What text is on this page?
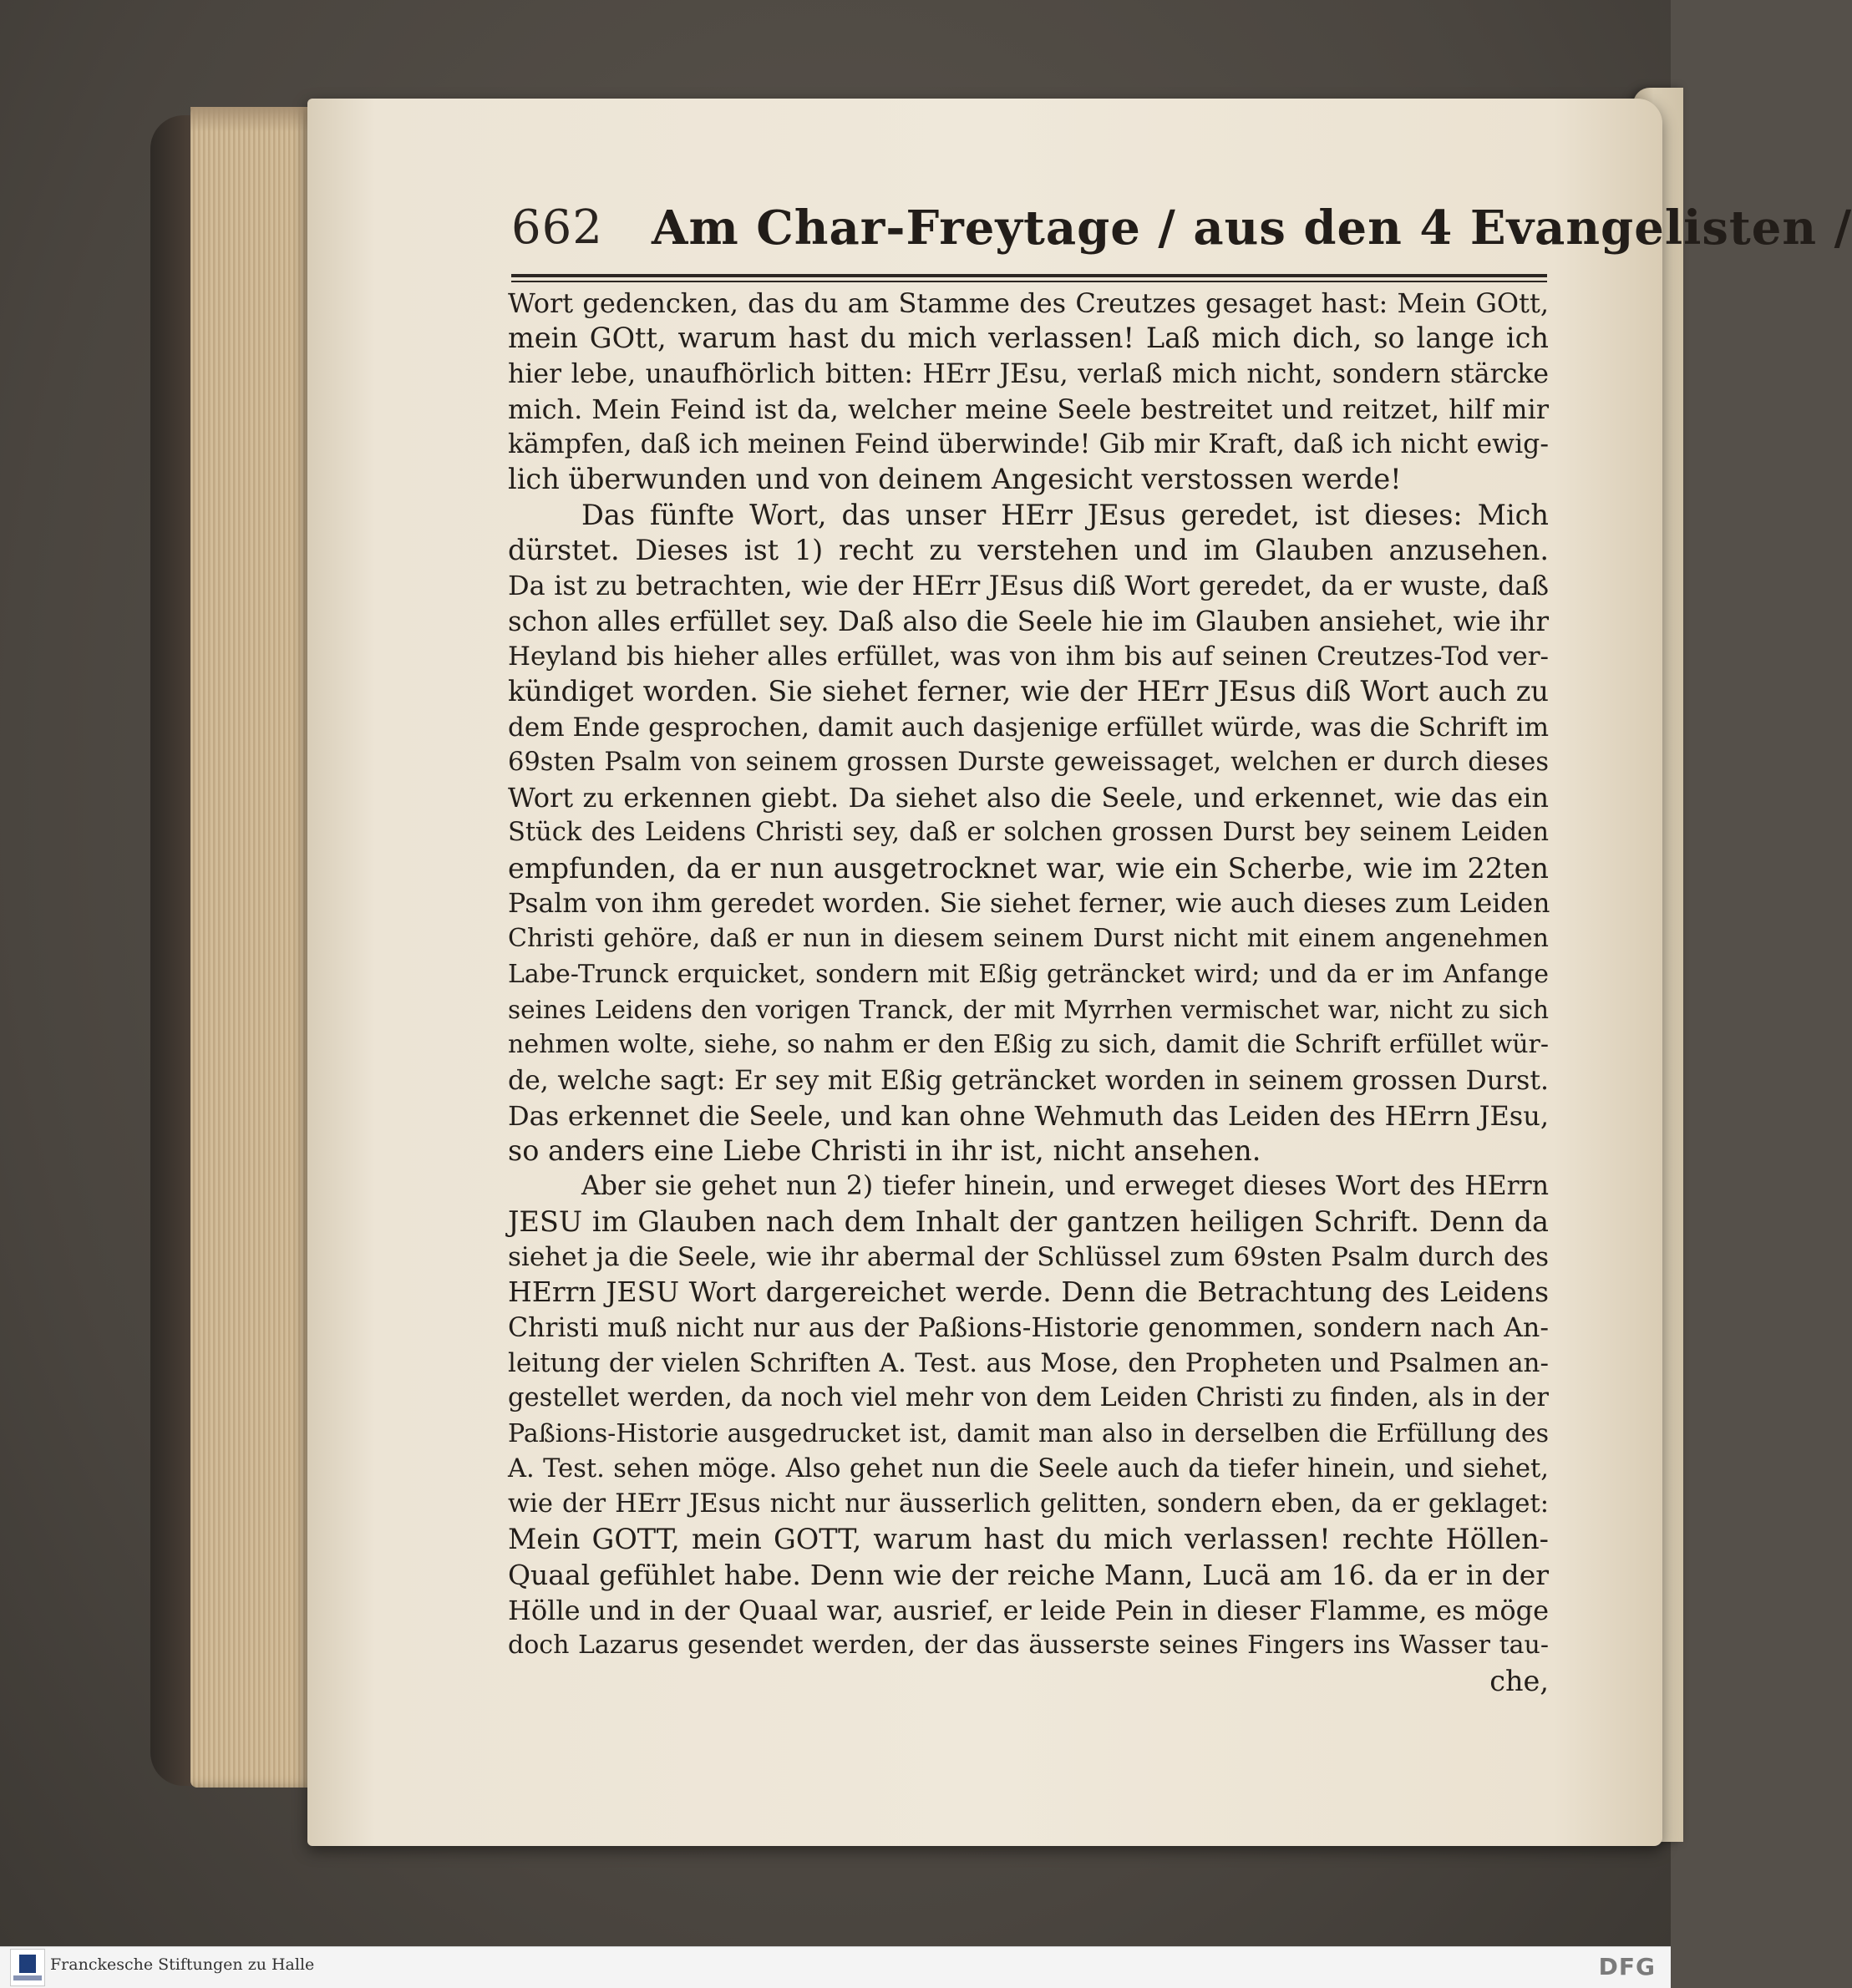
662 Am Char-Freytage / aus den 4 Evangelisten /
Wort gedencken, das du am Stamme des Creutzes gesaget hast: Mein GOtt,
mein GOtt, warum hast du mich verlassen! Laß mich dich, so lange ich
hier lebe, unaufhörlich bitten: HErr JEsu, verlaß mich nicht, sondern stärcke
mich. Mein Feind ist da, welcher meine Seele bestreitet und reitzet, hilf mir
kämpfen, daß ich meinen Feind überwinde! Gib mir Kraft, daß ich nicht ewig-
lich überwunden und von deinem Angesicht verstossen werde!
Das fünfte Wort, das unser HErr JEsus geredet, ist dieses: Mich
dürstet. Dieses ist 1) recht zu verstehen und im Glauben anzusehen.
Da ist zu betrachten, wie der HErr JEsus diß Wort geredet, da er wuste, daß
schon alles erfüllet sey. Daß also die Seele hie im Glauben ansiehet, wie ihr
Heyland bis hieher alles erfüllet, was von ihm bis auf seinen Creutzes-Tod ver-
kündiget worden. Sie siehet ferner, wie der HErr JEsus diß Wort auch zu
dem Ende gesprochen, damit auch dasjenige erfüllet würde, was die Schrift im
69sten Psalm von seinem grossen Durste geweissaget, welchen er durch dieses
Wort zu erkennen giebt. Da siehet also die Seele, und erkennet, wie das ein
Stück des Leidens Christi sey, daß er solchen grossen Durst bey seinem Leiden
empfunden, da er nun ausgetrocknet war, wie ein Scherbe, wie im 22ten
Psalm von ihm geredet worden. Sie siehet ferner, wie auch dieses zum Leiden
Christi gehöre, daß er nun in diesem seinem Durst nicht mit einem angenehmen
Labe-Trunck erquicket, sondern mit Eßig geträncket wird; und da er im Anfange
seines Leidens den vorigen Tranck, der mit Myrrhen vermischet war, nicht zu sich
nehmen wolte, siehe, so nahm er den Eßig zu sich, damit die Schrift erfüllet wür-
de, welche sagt: Er sey mit Eßig geträncket worden in seinem grossen Durst.
Das erkennet die Seele, und kan ohne Wehmuth das Leiden des HErrn JEsu,
so anders eine Liebe Christi in ihr ist, nicht ansehen.
Aber sie gehet nun 2) tiefer hinein, und erweget dieses Wort des HErrn
JESU im Glauben nach dem Inhalt der gantzen heiligen Schrift. Denn da
siehet ja die Seele, wie ihr abermal der Schlüssel zum 69sten Psalm durch des
HErrn JESU Wort dargereichet werde. Denn die Betrachtung des Leidens
Christi muß nicht nur aus der Paßions-Historie genommen, sondern nach An-
leitung der vielen Schriften A. Test. aus Mose, den Propheten und Psalmen an-
gestellet werden, da noch viel mehr von dem Leiden Christi zu finden, als in der
Paßions-Historie ausgedrucket ist, damit man also in derselben die Erfüllung des
A. Test. sehen möge. Also gehet nun die Seele auch da tiefer hinein, und siehet,
wie der HErr JEsus nicht nur äusserlich gelitten, sondern eben, da er geklaget:
Mein GOTT, mein GOTT, warum hast du mich verlassen! rechte Höllen-
Quaal gefühlet habe. Denn wie der reiche Mann, Lucä am 16. da er in der
Hölle und in der Quaal war, ausrief, er leide Pein in dieser Flamme, es möge
doch Lazarus gesendet werden, der das äusserste seines Fingers ins Wasser tau-
che,
Franckesche Stiftungen zu Halle	DFG
